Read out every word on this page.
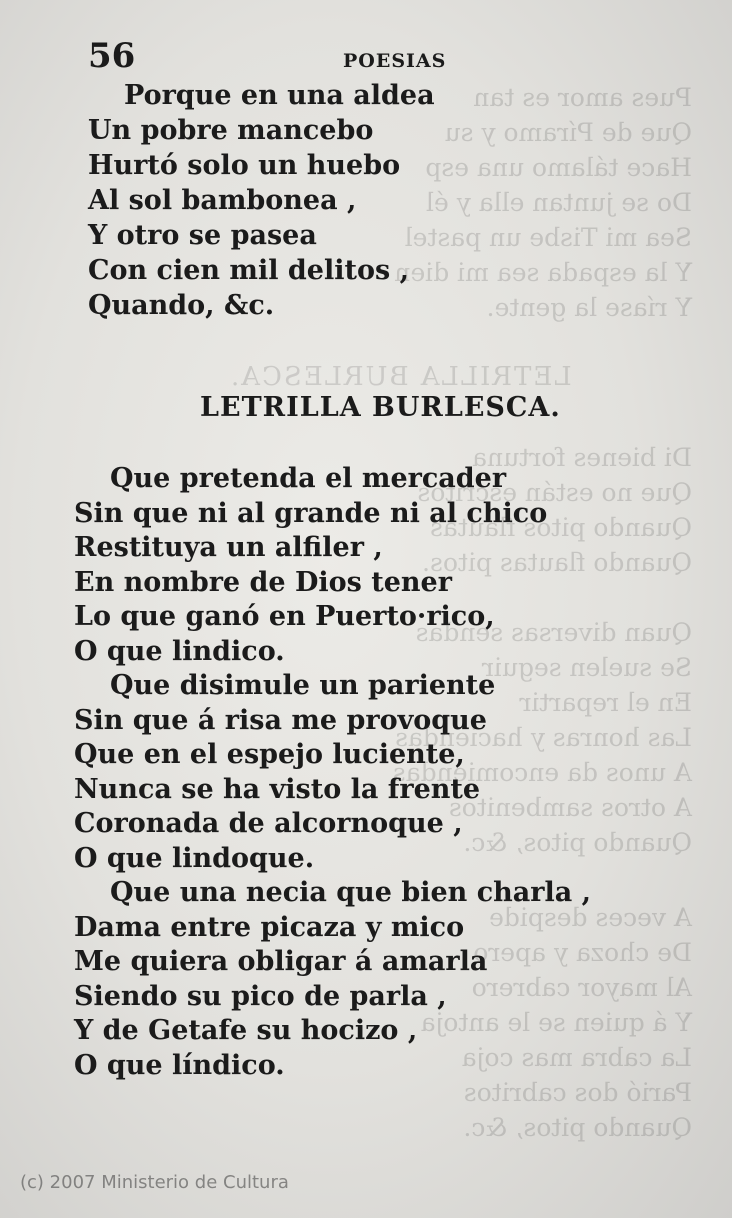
Pues amor es tan
Que de Píramo y su
Hace tálamo una esp
Do se juntan ella y él
Sea mi Tisbe un pastel
Y la espada sea mi dien
Y ríase la gente.
LETRILLA BURLESCA.
Di bienes fortuna
Que no están escritos
Quando pitos flautas
Quando flautas pitos.

Quan diversas sendas
Se suelen seguir
En el repartir
Las honras y haciendas
A unos da encomiendas
A otros sambenitos
Quando pitos, &c.
A veces despide
De choza y apero
Al mayor cabrero
Y á quien se le antoja
La cabra mas coja
Parió dos cabritos
Quando pitos, &c.
56	POESIAS
Porque en una aldea
Un pobre mancebo
Hurtó solo un huebo
Al sol bambonea ,
Y otro se pasea
Con cien mil delitos ,
Quando, &c.
LETRILLA BURLESCA.
Que pretenda el mercader
Sin que ni al grande ni al chico
Restituya un alfiler ,
En nombre de Dios tener
Lo que ganó en Puerto·rico,
O que lindico.
Que disimule un pariente
Sin que á risa me provoque
Que en el espejo luciente,
Nunca se ha visto la frente
Coronada de alcornoque ,
O que lindoque.
Que una necia que bien charla ,
Dama entre picaza y mico
Me quiera obligar á amarla
Siendo su pico de parla ,
Y de Getafe su hocizo ,
O que líndico.
(c) 2007 Ministerio de Cultura
